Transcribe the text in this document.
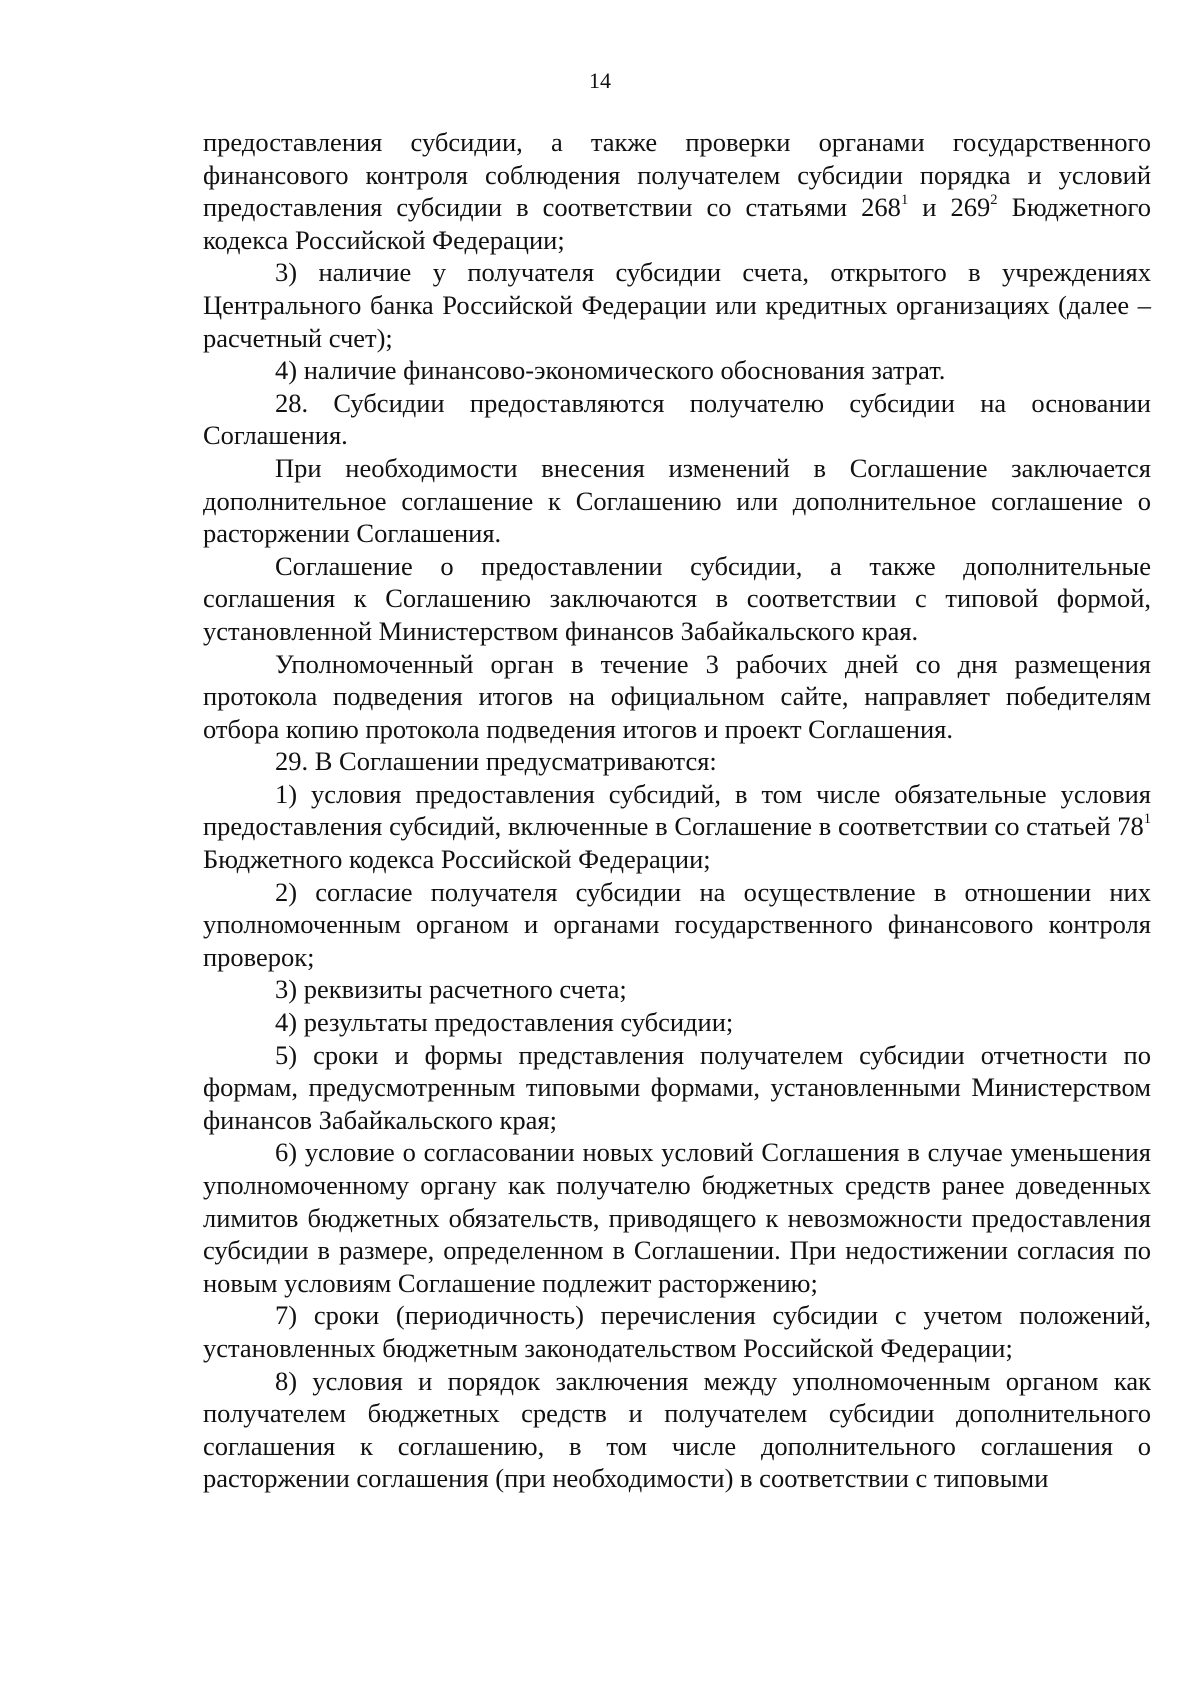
14

предоставления субсидии, а также проверки органами государственного финансового контроля соблюдения получателем субсидии порядка и условий предоставления субсидии в соответствии со статьями $268^1$ и $269^2$ Бюджетного кодекса Российской Федерации;

3) наличие у получателя субсидии счета, открытого в учреждениях Центрального банка Российской Федерации или кредитных организациях (далее – расчетный счет);

4) наличие финансово-экономического обоснования затрат.

28. Субсидии предоставляются получателю субсидии на основании Соглашения.

При необходимости внесения изменений в Соглашение заключается дополнительное соглашение к Соглашению или дополнительное соглашение о расторжении Соглашения.

Соглашение о предоставлении субсидии, а также дополнительные соглашения к Соглашению заключаются в соответствии с типовой формой, установленной Министерством финансов Забайкальского края.

Уполномоченный орган в течение 3 рабочих дней со дня размещения протокола подведения итогов на официальном сайте, направляет победителям отбора копию протокола подведения итогов и проект Соглашения.

29. В Соглашении предусматриваются:

1) условия предоставления субсидий, в том числе обязательные условия предоставления субсидий, включенные в Соглашение в соответствии со статьей $78^1$ Бюджетного кодекса Российской Федерации;

2) согласие получателя субсидии на осуществление в отношении них уполномоченным органом и органами государственного финансового контроля проверок;

3) реквизиты расчетного счета;

4) результаты предоставления субсидии;

5) сроки и формы представления получателем субсидии отчетности по формам, предусмотренным типовыми формами, установленными Министерством финансов Забайкальского края;

6) условие о согласовании новых условий Соглашения в случае уменьшения уполномоченному органу как получателю бюджетных средств ранее доведенных лимитов бюджетных обязательств, приводящего к невозможности предоставления субсидии в размере, определенном в Соглашении. При недостижении согласия по новым условиям Соглашение подлежит расторжению;

7) сроки (периодичность) перечисления субсидии с учетом положений, установленных бюджетным законодательством Российской Федерации;

8) условия и порядок заключения между уполномоченным органом как получателем бюджетных средств и получателем субсидии дополнительного соглашения к соглашению, в том числе дополнительного соглашения о расторжении соглашения (при необходимости) в соответствии с типовыми
